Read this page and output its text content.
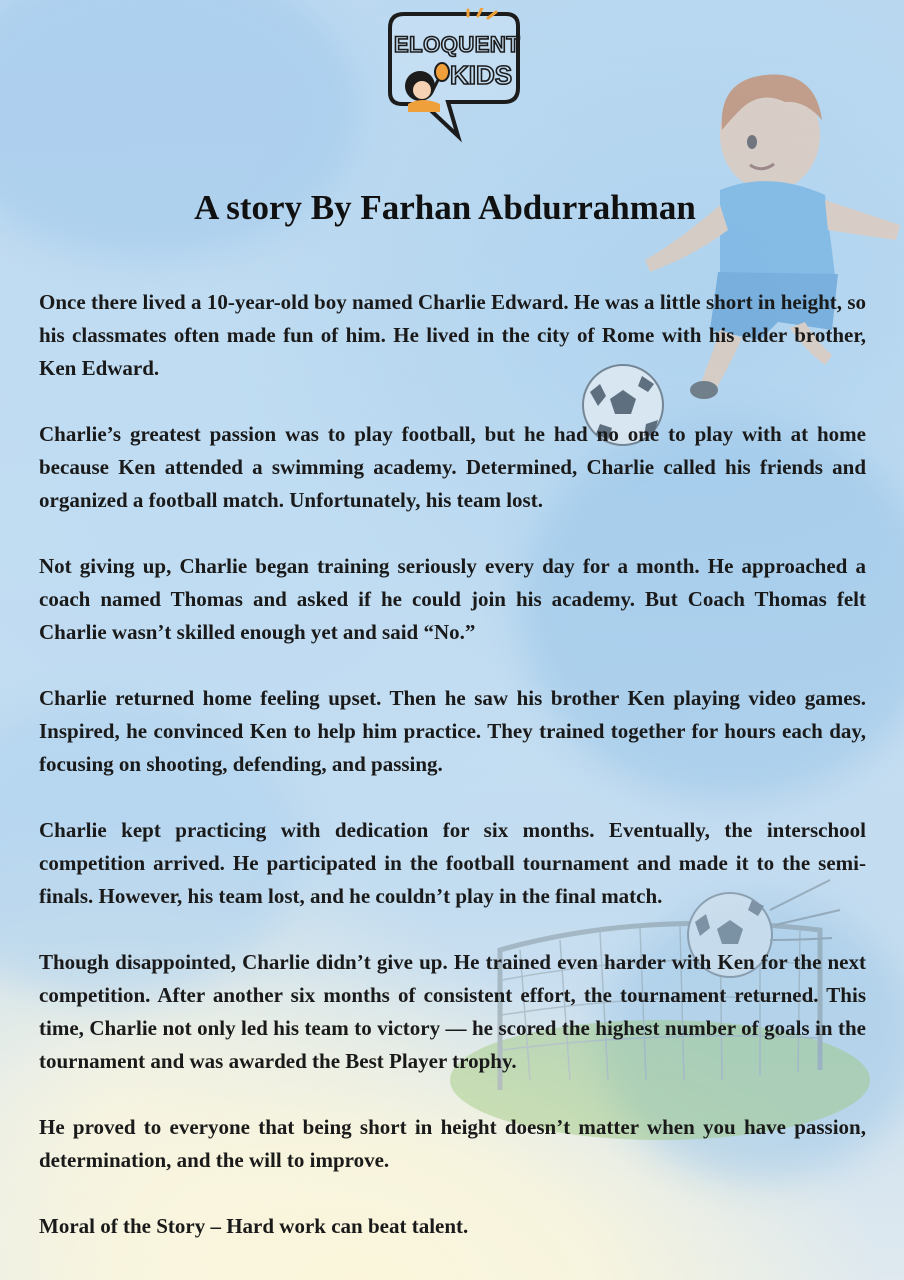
ELOQUENT
KIDS
A story By Farhan Abdurrahman

Once there lived a 10-year-old boy named Charlie Edward. He was a little short in height, so his classmates often made fun of him. He lived in the city of Rome with his elder brother, Ken Edward.

Charlie’s greatest passion was to play football, but he had no one to play with at home because Ken attended a swimming academy. Determined, Charlie called his friends and organized a football match. Unfortunately, his team lost.

Not giving up, Charlie began training seriously every day for a month. He approached a coach named Thomas and asked if he could join his academy. But Coach Thomas felt Charlie wasn’t skilled enough yet and said “No.”

Charlie returned home feeling upset. Then he saw his brother Ken playing video games. Inspired, he convinced Ken to help him practice. They trained together for hours each day, focusing on shooting, defending, and passing.

Charlie kept practicing with dedication for six months. Eventually, the interschool competition arrived. He participated in the football tournament and made it to the semi-finals. However, his team lost, and he couldn’t play in the final match.

Though disappointed, Charlie didn’t give up. He trained even harder with Ken for the next competition. After another six months of consistent effort, the tournament returned. This time, Charlie not only led his team to victory — he scored the highest number of goals in the tournament and was awarded the Best Player trophy.

He proved to everyone that being short in height doesn’t matter when you have passion, determination, and the will to improve.

Moral of the Story – Hard work can beat talent.
